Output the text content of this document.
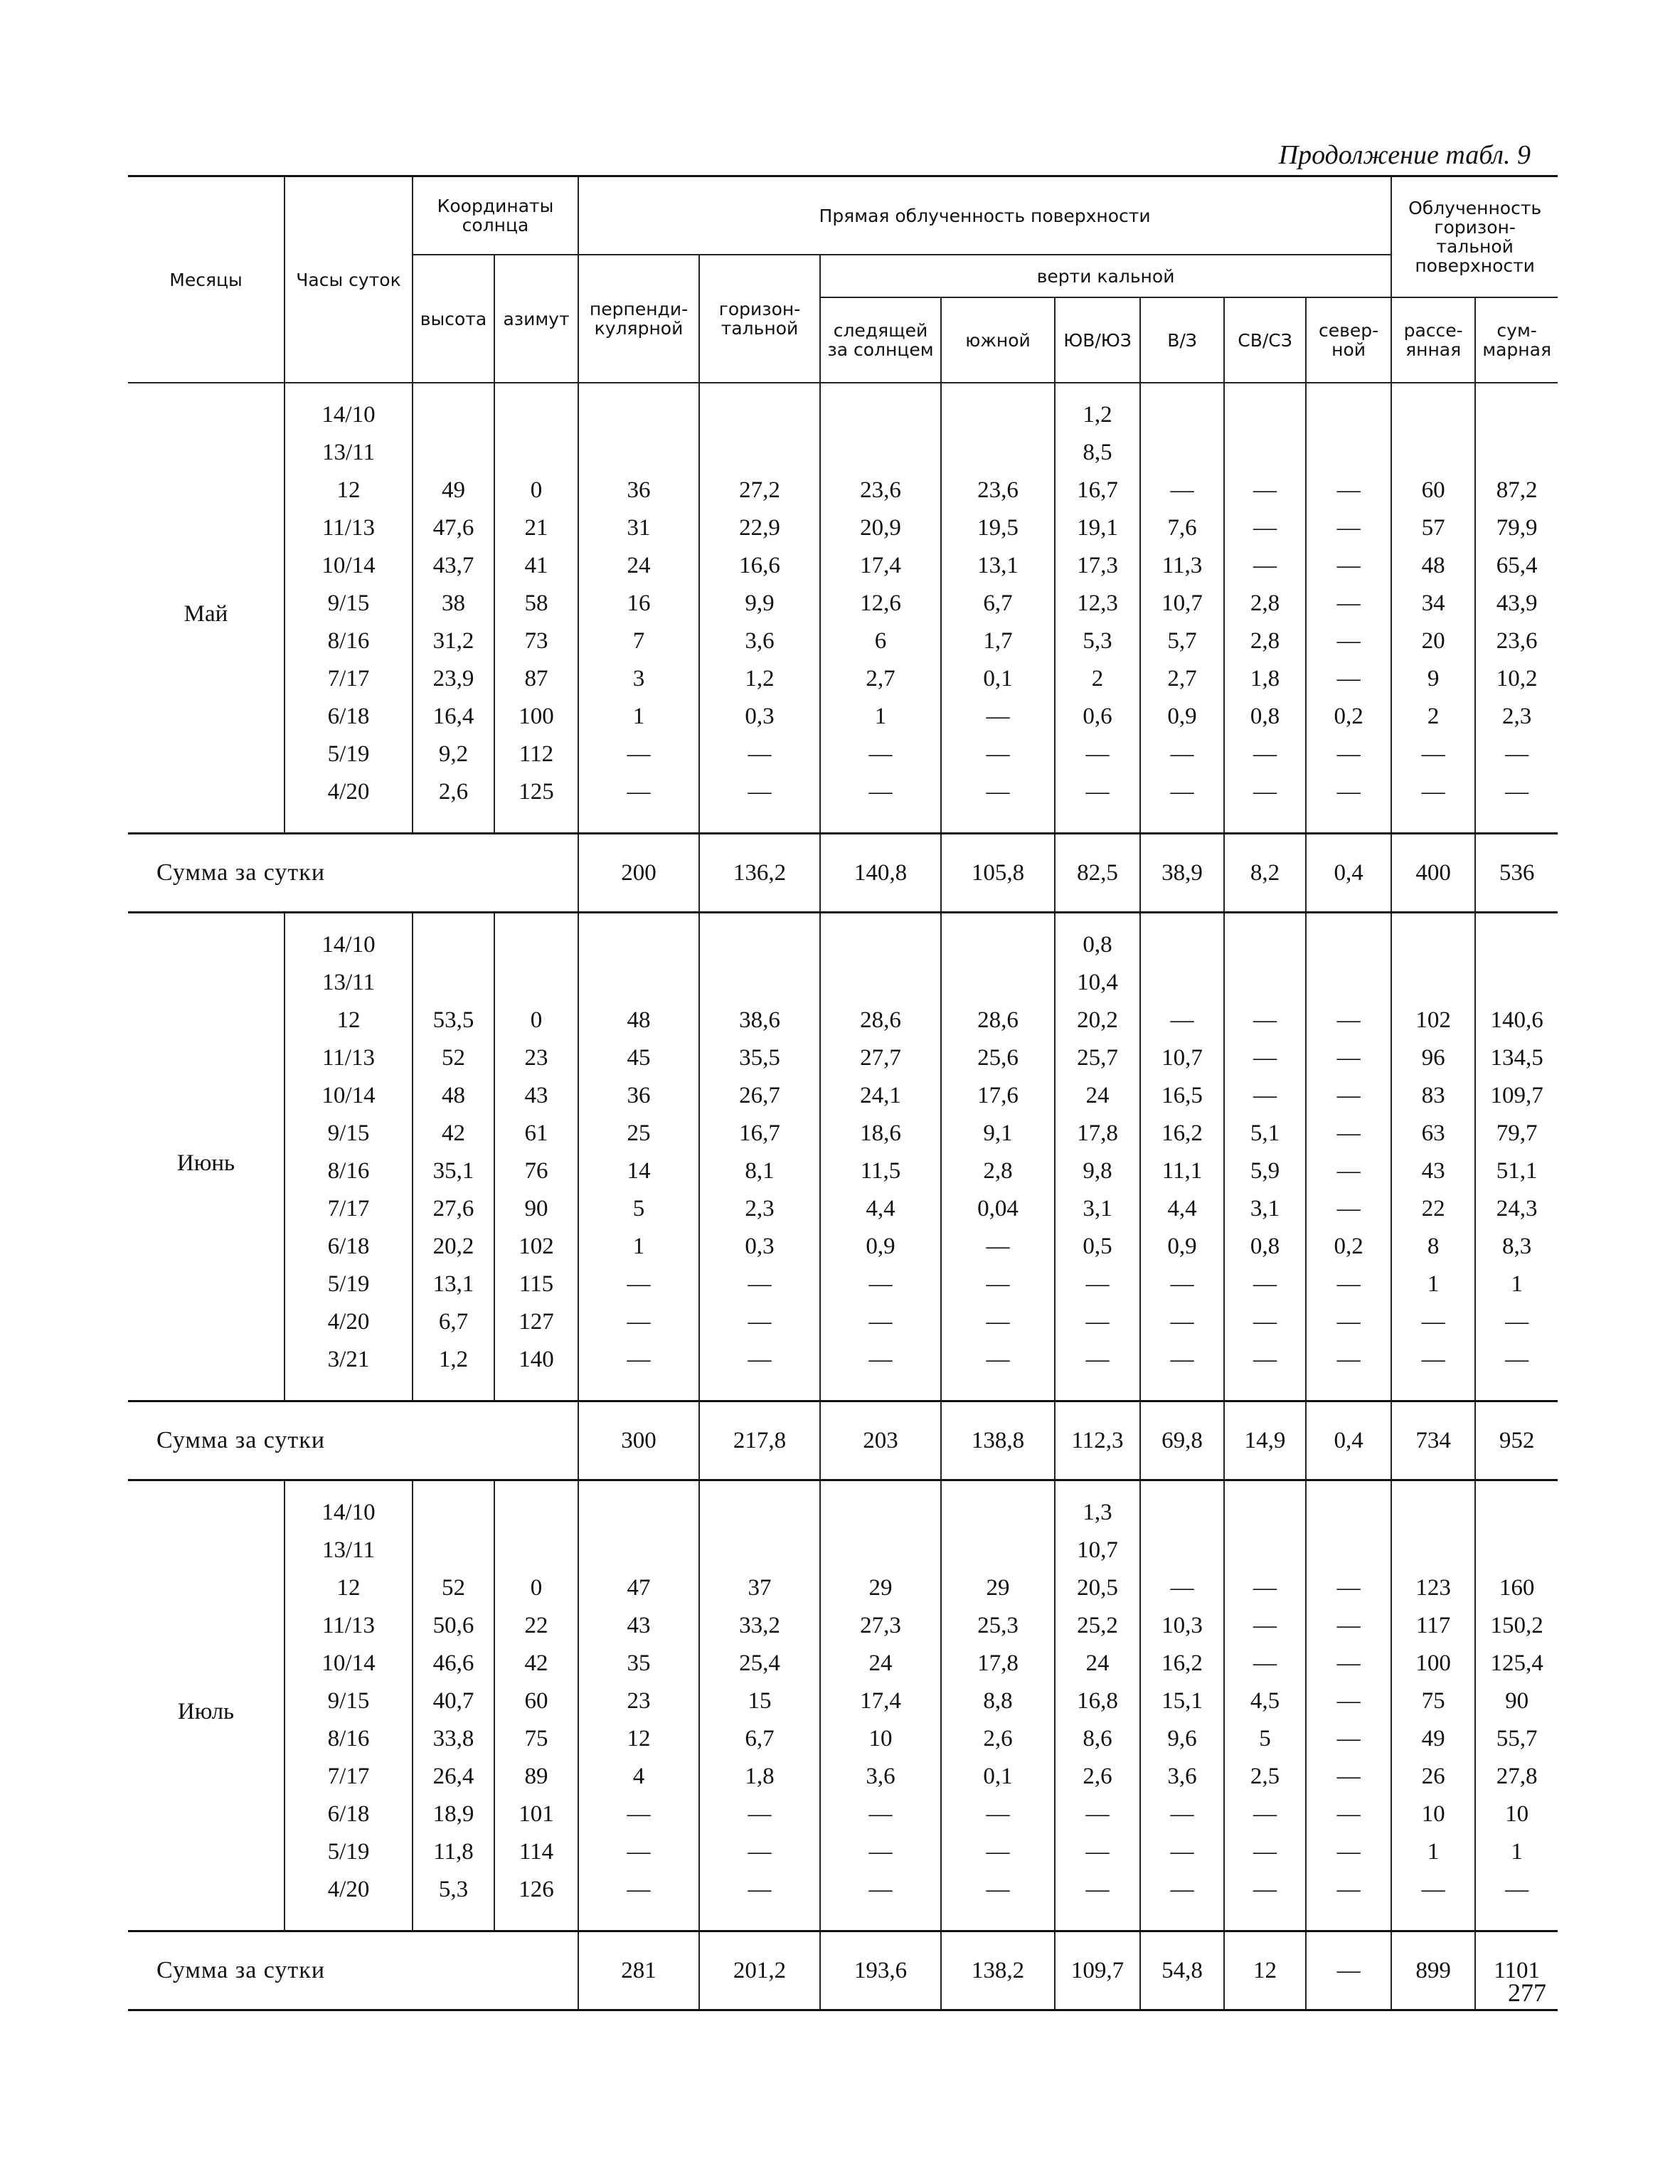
Продолжение табл. 9
Месяцы	Часы суток	Координаты солнца		Прямая облученность поверхности								Облученность горизон- тальной поверхности	
		высота	азимут	перпенди- кулярной	горизон- тальной	верти кальной							
						следящей за солнцем	южной	ЮВ/ЮЗ	В/З	СВ/СЗ	север- ной	рассе- янная	сум- марная
Май	14/10							1,2					
	13/11							8,5					
	12	49	0	36	27,2	23,6	23,6	16,7	—	—	—	60	87,2
	11/13	47,6	21	31	22,9	20,9	19,5	19,1	7,6	—	—	57	79,9
	10/14	43,7	41	24	16,6	17,4	13,1	17,3	11,3	—	—	48	65,4
	9/15	38	58	16	9,9	12,6	6,7	12,3	10,7	2,8	—	34	43,9
	8/16	31,2	73	7	3,6	6	1,7	5,3	5,7	2,8	—	20	23,6
	7/17	23,9	87	3	1,2	2,7	0,1	2	2,7	1,8	—	9	10,2
	6/18	16,4	100	1	0,3	1	—	0,6	0,9	0,8	0,2	2	2,3
	5/19	9,2	112	—	—	—	—	—	—	—	—	—	—
	4/20	2,6	125	—	—	—	—	—	—	—	—	—	—
Сумма за сутки				200	136,2	140,8	105,8	82,5	38,9	8,2	0,4	400	536
Июнь	14/10							0,8					
	13/11							10,4					
	12	53,5	0	48	38,6	28,6	28,6	20,2	—	—	—	102	140,6
	11/13	52	23	45	35,5	27,7	25,6	25,7	10,7	—	—	96	134,5
	10/14	48	43	36	26,7	24,1	17,6	24	16,5	—	—	83	109,7
	9/15	42	61	25	16,7	18,6	9,1	17,8	16,2	5,1	—	63	79,7
	8/16	35,1	76	14	8,1	11,5	2,8	9,8	11,1	5,9	—	43	51,1
	7/17	27,6	90	5	2,3	4,4	0,04	3,1	4,4	3,1	—	22	24,3
	6/18	20,2	102	1	0,3	0,9	—	0,5	0,9	0,8	0,2	8	8,3
	5/19	13,1	115	—	—	—	—	—	—	—	—	1	1
	4/20	6,7	127	—	—	—	—	—	—	—	—	—	—
	3/21	1,2	140	—	—	—	—	—	—	—	—	—	—
Сумма за сутки				300	217,8	203	138,8	112,3	69,8	14,9	0,4	734	952
Июль	14/10							1,3					
	13/11							10,7					
	12	52	0	47	37	29	29	20,5	—	—	—	123	160
	11/13	50,6	22	43	33,2	27,3	25,3	25,2	10,3	—	—	117	150,2
	10/14	46,6	42	35	25,4	24	17,8	24	16,2	—	—	100	125,4
	9/15	40,7	60	23	15	17,4	8,8	16,8	15,1	4,5	—	75	90
	8/16	33,8	75	12	6,7	10	2,6	8,6	9,6	5	—	49	55,7
	7/17	26,4	89	4	1,8	3,6	0,1	2,6	3,6	2,5	—	26	27,8
	6/18	18,9	101	—	—	—	—	—	—	—	—	10	10
	5/19	11,8	114	—	—	—	—	—	—	—	—	1	1
	4/20	5,3	126	—	—	—	—	—	—	—	—	—	—
Сумма за сутки				281	201,2	193,6	138,2	109,7	54,8	12	—	899	1101
277
